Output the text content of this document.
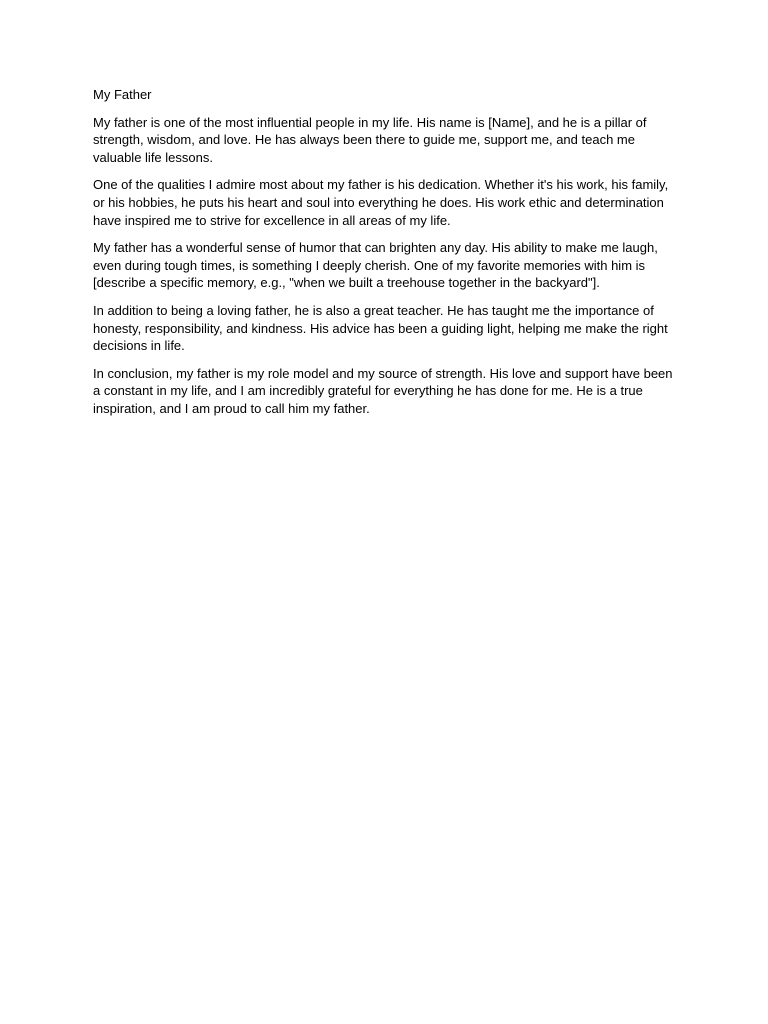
My Father

My father is one of the most influential people in my life. His name is [Name], and he is a pillar of strength, wisdom, and love. He has always been there to guide me, support me, and teach me valuable life lessons.

One of the qualities I admire most about my father is his dedication. Whether it's his work, his family, or his hobbies, he puts his heart and soul into everything he does. His work ethic and determination have inspired me to strive for excellence in all areas of my life.

My father has a wonderful sense of humor that can brighten any day. His ability to make me laugh, even during tough times, is something I deeply cherish. One of my favorite memories with him is [describe a specific memory, e.g., "when we built a treehouse together in the backyard"].

In addition to being a loving father, he is also a great teacher. He has taught me the importance of honesty, responsibility, and kindness. His advice has been a guiding light, helping me make the right decisions in life.

In conclusion, my father is my role model and my source of strength. His love and support have been a constant in my life, and I am incredibly grateful for everything he has done for me. He is a true inspiration, and I am proud to call him my father.
